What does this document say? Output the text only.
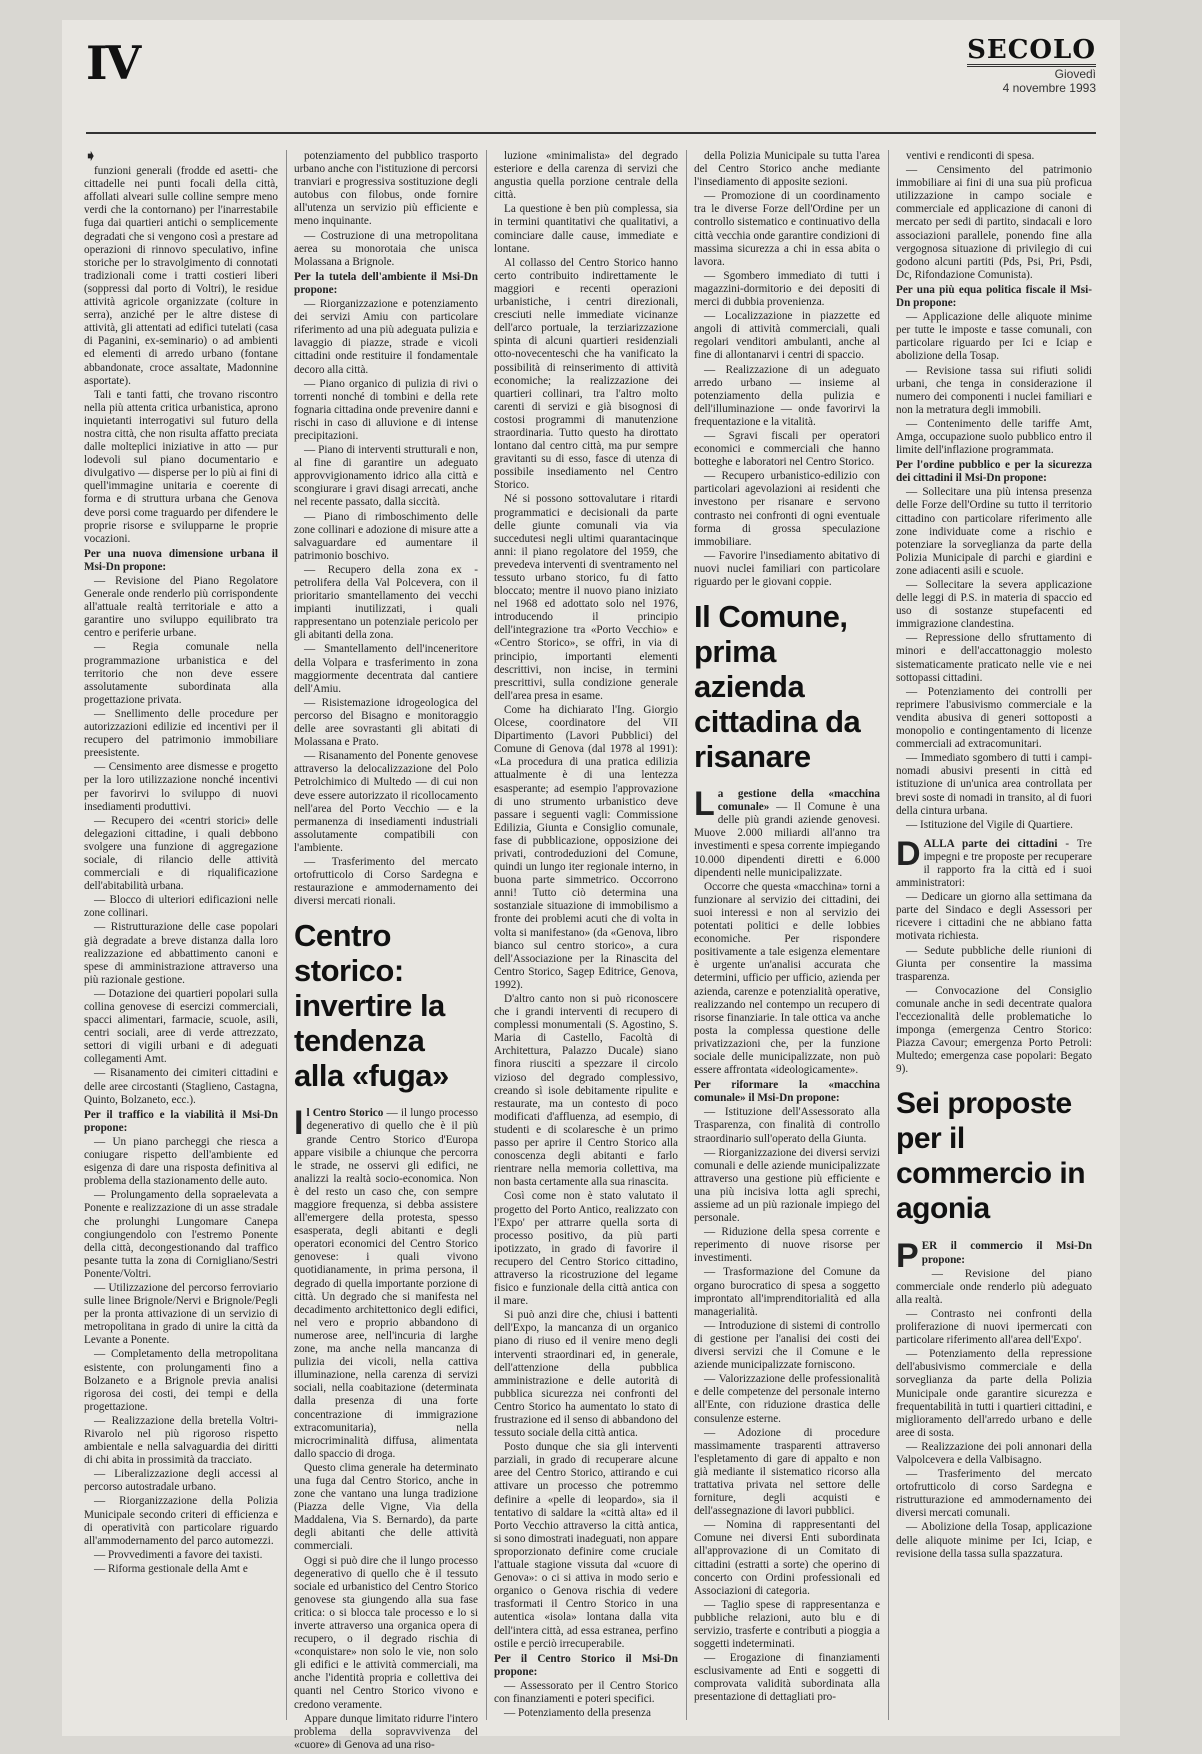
IV	SECOLO
Giovedì
4 novembre 1993
➧

funzioni generali (frodde ed asetti- che cittadelle nei punti focali della città, affollati alveari sulle colline sempre meno verdi che la contornano) per l'inarrestabile fuga dai quartieri antichi o semplicemente degradati che si vengono così a prestare ad operazioni di rinnovo speculativo, infine storiche per lo stravolgimento di connotati tradizionali come i tratti costieri liberi (soppressi dal porto di Voltri), le residue attività agricole organizzate (colture in serra), anziché per le altre distese di attività, gli attentati ad edifici tutelati (casa di Paganini, ex-seminario) o ad ambienti ed elementi di arredo urbano (fontane abbandonate, croce assaltate, Madonnine asportate).

Tali e tanti fatti, che trovano riscontro nella più attenta critica urbanistica, aprono inquietanti interrogativi sul futuro della nostra città, che non risulta affatto preciata dalle molteplici iniziative in atto — pur lodevoli sul piano documentario e divulgativo — disperse per lo più ai fini di quell'immagine unitaria e coerente di forma e di struttura urbana che Genova deve porsi come traguardo per difendere le proprie risorse e svilupparne le proprie vocazioni.

Per una nuova dimensione urbana il Msi-Dn propone:

— Revisione del Piano Regolatore Generale onde renderlo più corrispondente all'attuale realtà territoriale e atto a garantire uno sviluppo equilibrato tra centro e periferie urbane.

— Regia comunale nella programmazione urbanistica e del territorio che non deve essere assolutamente subordinata alla progettazione privata.

— Snellimento delle procedure per autorizzazioni edilizie ed incentivi per il recupero del patrimonio immobiliare preesistente.

— Censimento aree dismesse e progetto per la loro utilizzazione nonché incentivi per favorirvi lo sviluppo di nuovi insediamenti produttivi.

— Recupero dei «centri storici» delle delegazioni cittadine, i quali debbono svolgere una funzione di aggregazione sociale, di rilancio delle attività commerciali e di riqualificazione dell'abitabilità urbana.

— Blocco di ulteriori edificazioni nelle zone collinari.

— Ristrutturazione delle case popolari già degradate a breve distanza dalla loro realizzazione ed abbattimento canoni e spese di amministrazione attraverso una più razionale gestione.

— Dotazione dei quartieri popolari sulla collina genovese di esercizi commerciali, spacci alimentari, farmacie, scuole, asili, centri sociali, aree di verde attrezzato, settori di vigili urbani e di adeguati collegamenti Amt.

— Risanamento dei cimiteri cittadini e delle aree circostanti (Staglieno, Castagna, Quinto, Bolzaneto, ecc.).

Per il traffico e la viabilità il Msi-Dn propone:

— Un piano parcheggi che riesca a coniugare rispetto dell'ambiente ed esigenza di dare una risposta definitiva al problema della stazionamento delle auto.

— Prolungamento della sopraelevata a Ponente e realizzazione di un asse stradale che prolunghi Lungomare Canepa congiungendolo con l'estremo Ponente della città, decongestionando dal traffico pesante tutta la zona di Cornigliano/Sestri Ponente/Voltri.

— Utilizzazione del percorso ferroviario sulle linee Brignole/Nervi e Brignole/Pegli per la pronta attivazione di un servizio di metropolitana in grado di unire la città da Levante a Ponente.

— Completamento della metropolitana esistente, con prolungamenti fino a Bolzaneto e a Brignole previa analisi rigorosa dei costi, dei tempi e della progettazione.

— Realizzazione della bretella Voltri-Rivarolo nel più rigoroso rispetto ambientale e nella salvaguardia dei diritti di chi abita in prossimità da tracciato.

— Liberalizzazione degli accessi al percorso autostradale urbano.

— Riorganizzazione della Polizia Municipale secondo criteri di efficienza e di operatività con particolare riguardo all'ammodernamento del parco automezzi.

— Provvedimenti a favore dei taxisti.

— Riforma gestionale della Amt e

potenziamento del pubblico trasporto urbano anche con l'istituzione di percorsi tranviari e progressiva sostituzione degli autobus con filobus, onde fornire all'utenza un servizio più efficiente e meno inquinante.

— Costruzione di una metropolitana aerea su monorotaia che unisca Molassana a Brignole.

Per la tutela dell'ambiente il Msi-Dn propone:

— Riorganizzazione e potenziamento dei servizi Amiu con particolare riferimento ad una più adeguata pulizia e lavaggio di piazze, strade e vicoli cittadini onde restituire il fondamentale decoro alla città.

— Piano organico di pulizia di rivi o torrenti nonché di tombini e della rete fognaria cittadina onde prevenire danni e rischi in caso di alluvione e di intense precipitazioni.

— Piano di interventi strutturali e non, al fine di garantire un adeguato approvvigionamento idrico alla città e scongiurare i gravi disagi arrecati, anche nel recente passato, dalla siccità.

— Piano di rimboschimento delle zone collinari e adozione di misure atte a salvaguardare ed aumentare il patrimonio boschivo.

— Recupero della zona ex - petrolifera della Val Polcevera, con il prioritario smantellamento dei vecchi impianti inutilizzati, i quali rappresentano un potenziale pericolo per gli abitanti della zona.

— Smantellamento dell'inceneritore della Volpara e trasferimento in zona maggiormente decentrata dal cantiere dell'Amiu.

— Risistemazione idrogeologica del percorso del Bisagno e monitoraggio delle aree sovrastanti gli abitati di Molassana e Prato.

— Risanamento del Ponente genovese attraverso la delocalizzazione del Polo Petrolchimico di Multedo — di cui non deve essere autorizzato il ricollocamento nell'area del Porto Vecchio — e la permanenza di insediamenti industriali assolutamente compatibili con l'ambiente.

— Trasferimento del mercato ortofrutticolo di Corso Sardegna e restaurazione e ammodernamento dei diversi mercati rionali.

Centro storico: invertire la tendenza alla «fuga»

Il Centro Storico — il lungo processo degenerativo di quello che è il più grande Centro Storico d'Europa appare visibile a chiunque che percorra le strade, ne osservi gli edifici, ne analizzi la realtà socio-economica. Non è del resto un caso che, con sempre maggiore frequenza, si debba assistere all'emergere della protesta, spesso esasperata, degli abitanti e degli operatori economici del Centro Storico genovese: i quali vivono quotidianamente, in prima persona, il degrado di quella importante porzione di città. Un degrado che si manifesta nel decadimento architettonico degli edifici, nel vero e proprio abbandono di numerose aree, nell'incuria di larghe zone, ma anche nella mancanza di pulizia dei vicoli, nella cattiva illuminazione, nella carenza di servizi sociali, nella coabitazione (determinata dalla presenza di una forte concentrazione di immigrazione extracomunitaria), nella microcriminalità diffusa, alimentata dallo spaccio di droga.

Questo clima generale ha determinato una fuga dal Centro Storico, anche in zone che vantano una lunga tradizione (Piazza delle Vigne, Via della Maddalena, Via S. Bernardo), da parte degli abitanti che delle attività commerciali.

Oggi si può dire che il lungo processo degenerativo di quello che è il tessuto sociale ed urbanistico del Centro Storico genovese sta giungendo alla sua fase critica: o si blocca tale processo e lo si inverte attraverso una organica opera di recupero, o il degrado rischia di «conquistare» non solo le vie, non solo gli edifici e le attività commerciali, ma anche l'identità propria e collettiva dei quanti nel Centro Storico vivono e credono veramente.

Appare dunque limitato ridurre l'intero problema della sopravvivenza del «cuore» di Genova ad una riso-

luzione «minimalista» del degrado esteriore e della carenza di servizi che angustia quella porzione centrale della città.

La questione è ben più complessa, sia in termini quantitativi che qualitativi, a cominciare dalle cause, immediate e lontane.

Al collasso del Centro Storico hanno certo contribuito indirettamente le maggiori e recenti operazioni urbanistiche, i centri direzionali, cresciuti nelle immediate vicinanze dell'arco portuale, la terziarizzazione spinta di alcuni quartieri residenziali otto-novecenteschi che ha vanificato la possibilità di reinserimento di attività economiche; la realizzazione dei quartieri collinari, tra l'altro molto carenti di servizi e già bisognosi di costosi programmi di manutenzione straordinaria. Tutto questo ha dirottato lontano dal centro città, ma pur sempre gravitanti su di esso, fasce di utenza di possibile insediamento nel Centro Storico.

Né si possono sottovalutare i ritardi programmatici e decisionali da parte delle giunte comunali via via succedutesi negli ultimi quarantacinque anni: il piano regolatore del 1959, che prevedeva interventi di sventramento nel tessuto urbano storico, fu di fatto bloccato; mentre il nuovo piano iniziato nel 1968 ed adottato solo nel 1976, introducendo il principio dell'integrazione tra «Porto Vecchio» e «Centro Storico», se offrì, in via di principio, importanti elementi descrittivi, non incise, in termini prescrittivi, sulla condizione generale dell'area presa in esame.

Come ha dichiarato l'Ing. Giorgio Olcese, coordinatore del VII Dipartimento (Lavori Pubblici) del Comune di Genova (dal 1978 al 1991): «La procedura di una pratica edilizia attualmente è di una lentezza esasperante; ad esempio l'approvazione di uno strumento urbanistico deve passare i seguenti vagli: Commissione Edilizia, Giunta e Consiglio comunale, fase di pubblicazione, opposizione dei privati, controdeduzioni del Comune, quindi un lungo iter regionale interno, in buona parte simmetrico. Occorrono anni! Tutto ciò determina una sostanziale situazione di immobilismo a fronte dei problemi acuti che di volta in volta si manifestano» (da «Genova, libro bianco sul centro storico», a cura dell'Associazione per la Rinascita del Centro Storico, Sagep Editrice, Genova, 1992).

D'altro canto non si può riconoscere che i grandi interventi di recupero di complessi monumentali (S. Agostino, S. Maria di Castello, Facoltà di Architettura, Palazzo Ducale) siano finora riusciti a spezzare il circolo vizioso del degrado complessivo, creando sì isole debitamente ripulite e restaurate, ma un contesto di poco modificati d'affluenza, ad esempio, di studenti e di scolaresche è un primo passo per aprire il Centro Storico alla conoscenza degli abitanti e farlo rientrare nella memoria collettiva, ma non basta certamente alla sua rinascita.

Così come non è stato valutato il progetto del Porto Antico, realizzato con l'Expo' per attrarre quella sorta di processo positivo, da più parti ipotizzato, in grado di favorire il recupero del Centro Storico cittadino, attraverso la ricostruzione del legame fisico e funzionale della città antica con il mare.

Si può anzi dire che, chiusi i battenti dell'Expo, la mancanza di un organico piano di riuso ed il venire meno degli interventi straordinari ed, in generale, dell'attenzione della pubblica amministrazione e delle autorità di pubblica sicurezza nei confronti del Centro Storico ha aumentato lo stato di frustrazione ed il senso di abbandono del tessuto sociale della città antica.

Posto dunque che sia gli interventi parziali, in grado di recuperare alcune aree del Centro Storico, attirando e cui attivare un processo che potremmo definire a «pelle di leopardo», sia il tentativo di saldare la «città alta» ed il Porto Vecchio attraverso la città antica, si sono dimostrati inadeguati, non appare sproporzionato definire come cruciale l'attuale stagione vissuta dal «cuore di Genova»: o ci si attiva in modo serio e organico o Genova rischia di vedere trasformati il Centro Storico in una autentica «isola» lontana dalla vita dell'intera città, ad essa estranea, perfino ostile e perciò irrecuperabile.

Per il Centro Storico il Msi-Dn propone:

— Assessorato per il Centro Storico con finanziamenti e poteri specifici.

— Potenziamento della presenza

della Polizia Municipale su tutta l'area del Centro Storico anche mediante l'insediamento di apposite sezioni.

— Promozione di un coordinamento tra le diverse Forze dell'Ordine per un controllo sistematico e continuativo della città vecchia onde garantire condizioni di massima sicurezza a chi in essa abita o lavora.

— Sgombero immediato di tutti i magazzini-dormitorio e dei depositi di merci di dubbia provenienza.

— Localizzazione in piazzette ed angoli di attività commerciali, quali regolari venditori ambulanti, anche al fine di allontanarvi i centri di spaccio.

— Realizzazione di un adeguato arredo urbano — insieme al potenziamento della pulizia e dell'illuminazione — onde favorirvi la frequentazione e la vitalità.

— Sgravi fiscali per operatori economici e commerciali che hanno botteghe e laboratori nel Centro Storico.

— Recupero urbanistico-edilizio con particolari agevolazioni ai residenti che investono per risanare e servono contrasto nei confronti di ogni eventuale forma di grossa speculazione immobiliare.

— Favorire l'insediamento abitativo di nuovi nuclei familiari con particolare riguardo per le giovani coppie.

Il Comune, prima azienda cittadina da risanare

La gestione della «macchina comunale» — Il Comune è una delle più grandi aziende genovesi. Muove 2.000 miliardi all'anno tra investimenti e spesa corrente impiegando 10.000 dipendenti diretti e 6.000 dipendenti nelle municipalizzate.

Occorre che questa «macchina» torni a funzionare al servizio dei cittadini, dei suoi interessi e non al servizio dei potentati politici e delle lobbies economiche. Per rispondere positivamente a tale esigenza elementare è urgente un'analisi accurata che determini, ufficio per ufficio, azienda per azienda, carenze e potenzialità operative, realizzando nel contempo un recupero di risorse finanziarie. In tale ottica va anche posta la complessa questione delle privatizzazioni che, per la funzione sociale delle municipalizzate, non può essere affrontata «ideologicamente».

Per riformare la «macchina comunale» il Msi-Dn propone:

— Istituzione dell'Assessorato alla Trasparenza, con finalità di controllo straordinario sull'operato della Giunta.

— Riorganizzazione dei diversi servizi comunali e delle aziende municipalizzate attraverso una gestione più efficiente e una più incisiva lotta agli sprechi, assieme ad un più razionale impiego del personale.

— Riduzione della spesa corrente e reperimento di nuove risorse per investimenti.

— Trasformazione del Comune da organo burocratico di spesa a soggetto improntato all'imprenditorialità ed alla managerialità.

— Introduzione di sistemi di controllo di gestione per l'analisi dei costi dei diversi servizi che il Comune e le aziende municipalizzate forniscono.

— Valorizzazione delle professionalità e delle competenze del personale interno all'Ente, con riduzione drastica delle consulenze esterne.

— Adozione di procedure massimamente trasparenti attraverso l'espletamento di gare di appalto e non già mediante il sistematico ricorso alla trattativa privata nel settore delle forniture, degli acquisti e dell'assegnazione di lavori pubblici.

— Nomina di rappresentanti del Comune nei diversi Enti subordinata all'approvazione di un Comitato di cittadini (estratti a sorte) che operino di concerto con Ordini professionali ed Associazioni di categoria.

— Taglio spese di rappresentanza e pubbliche relazioni, auto blu e di servizio, trasferte e contributi a pioggia a soggetti indeterminati.

— Erogazione di finanziamenti esclusivamente ad Enti e soggetti di comprovata validità subordinata alla presentazione di dettagliati pro-

ventivi e rendiconti di spesa.

— Censimento del patrimonio immobiliare ai fini di una sua più proficua utilizzazione in campo sociale e commerciale ed applicazione di canoni di mercato per sedi di partito, sindacali e loro associazioni parallele, ponendo fine alla vergognosa situazione di privilegio di cui godono alcuni partiti (Pds, Psi, Pri, Psdi, Dc, Rifondazione Comunista).

Per una più equa politica fiscale il Msi-Dn propone:

— Applicazione delle aliquote minime per tutte le imposte e tasse comunali, con particolare riguardo per Ici e Iciap e abolizione della Tosap.

— Revisione tassa sui rifiuti solidi urbani, che tenga in considerazione il numero dei componenti i nuclei familiari e non la metratura degli immobili.

— Contenimento delle tariffe Amt, Amga, occupazione suolo pubblico entro il limite dell'inflazione programmata.

Per l'ordine pubblico e per la sicurezza dei cittadini il Msi-Dn propone:

— Sollecitare una più intensa presenza delle Forze dell'Ordine su tutto il territorio cittadino con particolare riferimento alle zone individuate come a rischio e potenziare la sorveglianza da parte della Polizia Municipale di parchi e giardini e zone adiacenti asili e scuole.

— Sollecitare la severa applicazione delle leggi di P.S. in materia di spaccio ed uso di sostanze stupefacenti ed immigrazione clandestina.

— Repressione dello sfruttamento di minori e dell'accattonaggio molesto sistematicamente praticato nelle vie e nei sottopassi cittadini.

— Potenziamento dei controlli per reprimere l'abusivismo commerciale e la vendita abusiva di generi sottoposti a monopolio e contingentamento di licenze commerciali ad extracomunitari.

— Immediato sgombero di tutti i campi-nomadi abusivi presenti in città ed istituzione di un'unica area controllata per brevi soste di nomadi in transito, al di fuori della cintura urbana.

— Istituzione del Vigile di Quartiere.

DALLA parte dei cittadini - Tre impegni e tre proposte per recuperare il rapporto fra la città ed i suoi amministratori:

— Dedicare un giorno alla settimana da parte del Sindaco e degli Assessori per ricevere i cittadini che ne abbiano fatta motivata richiesta.

— Sedute pubbliche delle riunioni di Giunta per consentire la massima trasparenza.

— Convocazione del Consiglio comunale anche in sedi decentrate qualora l'eccezionalità delle problematiche lo imponga (emergenza Centro Storico: Piazza Cavour; emergenza Porto Petroli: Multedo; emergenza case popolari: Begato 9).

Sei proposte per il commercio in agonia

PER il commercio il Msi-Dn propone:

— Revisione del piano commerciale onde renderlo più adeguato alla realtà.

— Contrasto nei confronti della proliferazione di nuovi ipermercati con particolare riferimento all'area dell'Expo'.

— Potenziamento della repressione dell'abusivismo commerciale e della sorveglianza da parte della Polizia Municipale onde garantire sicurezza e frequentabilità in tutti i quartieri cittadini, e miglioramento dell'arredo urbano e delle aree di sosta.

— Realizzazione dei poli annonari della Valpolcevera e della Valbisagno.

— Trasferimento del mercato ortofrutticolo di corso Sardegna e ristrutturazione ed ammodernamento dei diversi mercati comunali.

— Abolizione della Tosap, applicazione delle aliquote minime per Ici, Iciap, e revisione della tassa sulla spazzatura.
